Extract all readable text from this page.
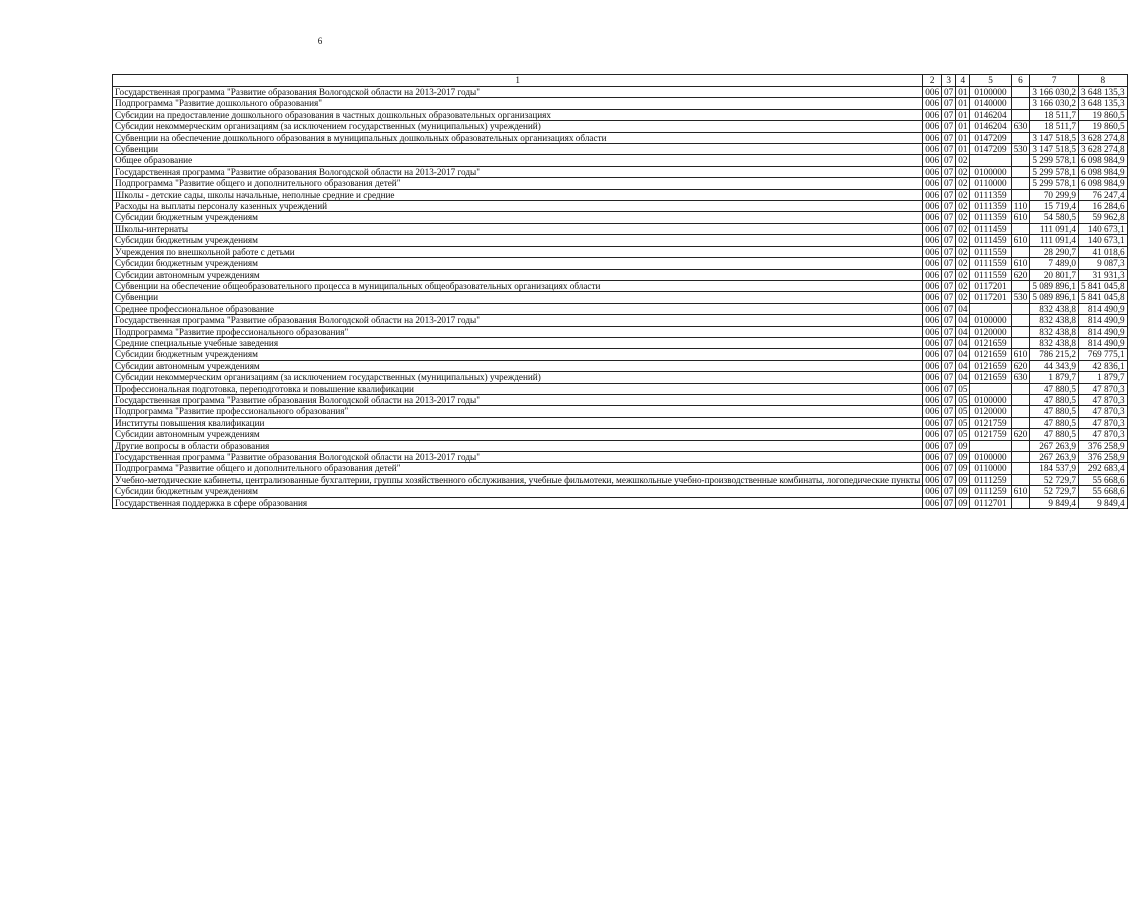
6
1	2	3	4	5	6	7	8
Государственная программа "Развитие образования Вологодской области на 2013-2017 годы"	006	07	01	01 0 0000		3 166 030,2	3 648 135,3
Подпрограмма "Развитие дошкольного образования"	006	07	01	01 4 0000		3 166 030,2	3 648 135,3
Субсидии на предоставление дошкольного образования в частных дошкольных образовательных организациях	006	07	01	01 4 6204		18 511,7	19 860,5
Субсидии некоммерческим организациям (за исключением государственных (муниципальных) учреждений)	006	07	01	01 4 6204	630	18 511,7	19 860,5
Субвенции на обеспечение дошкольного образования в муниципальных дошкольных образовательных организациях области	006	07	01	01 4 7209		3 147 518,5	3 628 274,8
Субвенции	006	07	01	01 4 7209	530	3 147 518,5	3 628 274,8
Общее образование	006	07	02			5 299 578,1	6 098 984,9
Государственная программа "Развитие образования Вологодской области на 2013-2017 годы"	006	07	02	01 0 0000		5 299 578,1	6 098 984,9
Подпрограмма "Развитие общего и дополнительного образования детей"	006	07	02	01 1 0000		5 299 578,1	6 098 984,9
Школы - детские сады, школы начальные, неполные средние и средние	006	07	02	01 1 1359		70 299,9	76 247,4
Расходы на выплаты персоналу казенных учреждений	006	07	02	01 1 1359	110	15 719,4	16 284,6
Субсидии бюджетным учреждениям	006	07	02	01 1 1359	610	54 580,5	59 962,8
Школы-интернаты	006	07	02	01 1 1459		111 091,4	140 673,1
Субсидии бюджетным учреждениям	006	07	02	01 1 1459	610	111 091,4	140 673,1
Учреждения по внешкольной работе с детьми	006	07	02	01 1 1559		28 290,7	41 018,6
Субсидии бюджетным учреждениям	006	07	02	01 1 1559	610	7 489,0	9 087,3
Субсидии автономным учреждениям	006	07	02	01 1 1559	620	20 801,7	31 931,3
Субвенции на обеспечение общеобразовательного процесса в муниципальных общеобразовательных организациях области	006	07	02	01 1 7201		5 089 896,1	5 841 045,8
Субвенции	006	07	02	01 1 7201	530	5 089 896,1	5 841 045,8
Среднее профессиональное образование	006	07	04			832 438,8	814 490,9
Государственная программа "Развитие образования Вологодской области на 2013-2017 годы"	006	07	04	01 0 0000		832 438,8	814 490,9
Подпрограмма "Развитие профессионального образования"	006	07	04	01 2 0000		832 438,8	814 490,9
Средние специальные учебные заведения	006	07	04	01 2 1659		832 438,8	814 490,9
Субсидии бюджетным учреждениям	006	07	04	01 2 1659	610	786 215,2	769 775,1
Субсидии автономным учреждениям	006	07	04	01 2 1659	620	44 343,9	42 836,1
Субсидии некоммерческим организациям (за исключением государственных (муниципальных) учреждений)	006	07	04	01 2 1659	630	1 879,7	1 879,7
Профессиональная подготовка, переподготовка и повышение квалификации	006	07	05			47 880,5	47 870,3
Государственная программа "Развитие образования Вологодской области на 2013-2017 годы"	006	07	05	01 0 0000		47 880,5	47 870,3
Подпрограмма "Развитие профессионального образования"	006	07	05	01 2 0000		47 880,5	47 870,3
Институты повышения квалификации	006	07	05	01 2 1759		47 880,5	47 870,3
Субсидии автономным учреждениям	006	07	05	01 2 1759	620	47 880,5	47 870,3
Другие вопросы в области образования	006	07	09			267 263,9	376 258,9
Государственная программа "Развитие образования Вологодской области на 2013-2017 годы"	006	07	09	01 0 0000		267 263,9	376 258,9
Подпрограмма "Развитие общего и дополнительного образования детей"	006	07	09	01 1 0000		184 537,9	292 683,4
Учебно-методические кабинеты, централизованные бухгалтерии, группы хозяйственного обслуживания, учебные фильмотеки, межшкольные учебно-производственные комбинаты, логопедические пункты	006	07	09	01 1 1259		52 729,7	55 668,6
Субсидии бюджетным учреждениям	006	07	09	01 1 1259	610	52 729,7	55 668,6
Государственная поддержка в сфере образования	006	07	09	01 1 2701		9 849,4	9 849,4
